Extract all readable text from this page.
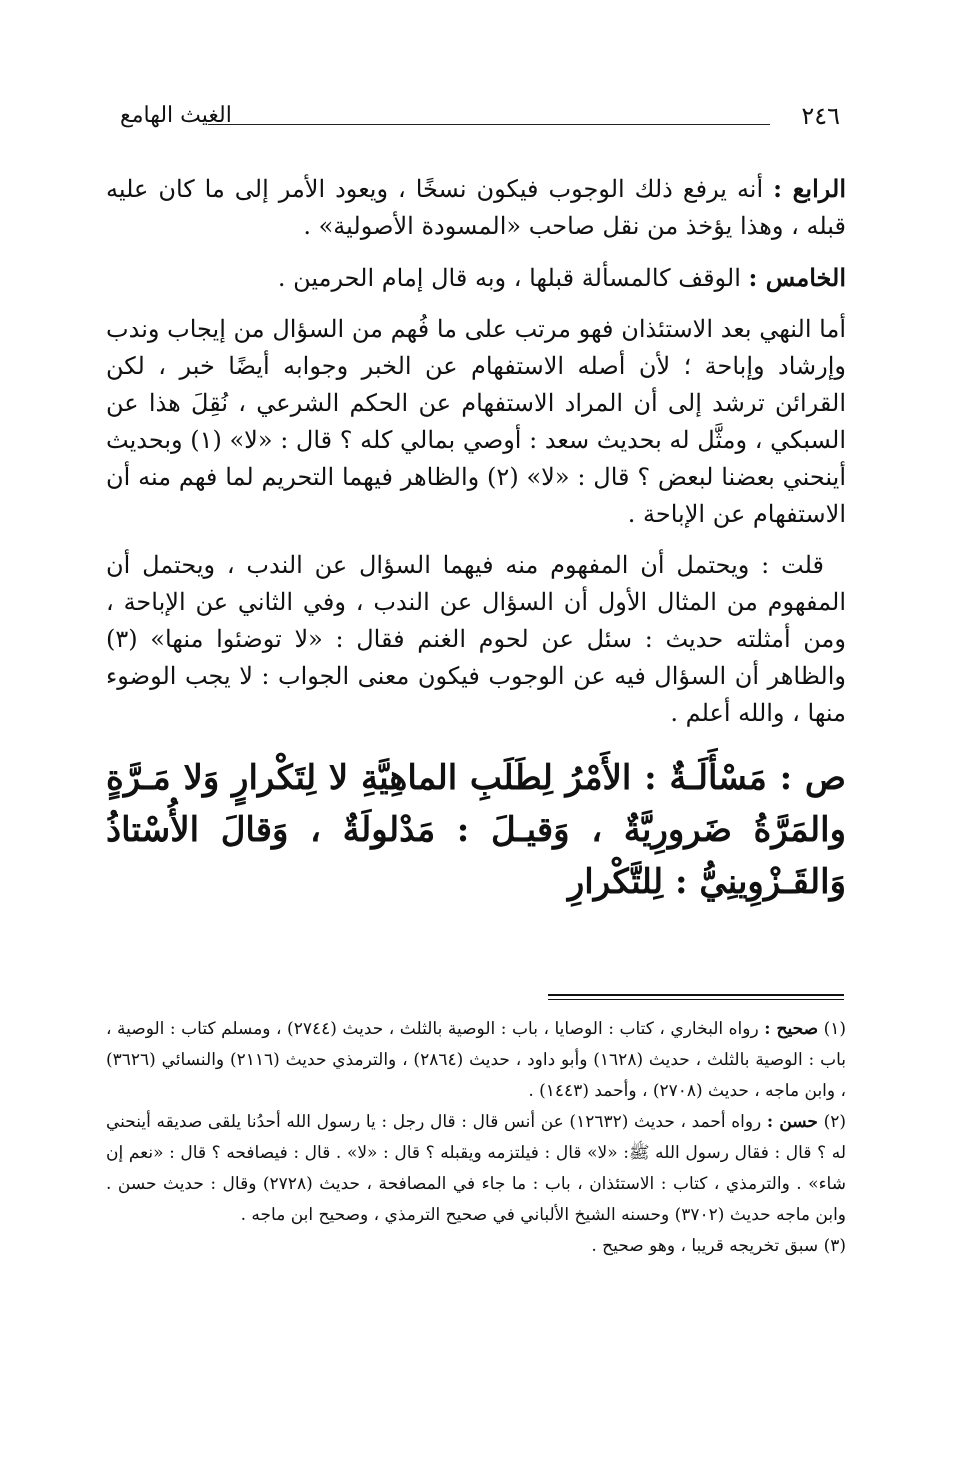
٢٤٦
الغيث الهامع

الرابع : أنه يرفع ذلك الوجوب فيكون نسخًا ، ويعود الأمر إلى ما كان عليه قبله ، وهذا يؤخذ من نقل صاحب «المسودة الأصولية» .

الخامس : الوقف كالمسألة قبلها ، وبه قال إمام الحرمين .

أما النهي بعد الاستئذان فهو مرتب على ما فُهم من السؤال من إيجاب وندب وإرشاد وإباحة ؛ لأن أصله الاستفهام عن الخبر وجوابه أيضًا خبر ، لكن القرائن ترشد إلى أن المراد الاستفهام عن الحكم الشرعي ، نُقِلَ هذا عن السبكي ، ومثَّل له بحديث سعد : أوصي بمالي كله ؟ قال : «لا» (١) وبحديث أينحني بعضنا لبعض ؟ قال : «لا» (٢) والظاهر فيهما التحريم لما فهم منه أن الاستفهام عن الإباحة .

قلت : ويحتمل أن المفهوم منه فيهما السؤال عن الندب ، ويحتمل أن المفهوم من المثال الأول أن السؤال عن الندب ، وفي الثاني عن الإباحة ، ومن أمثلته حديث : سئل عن لحوم الغنم فقال : «لا توضئوا منها» (٣) والظاهر أن السؤال فيه عن الوجوب فيكون معنى الجواب : لا يجب الوضوء منها ، والله أعلم .

ص : مَسْأَلَـةٌ : الأَمْرُ لِطَلَبِ الماهِيَّةِ لا لِتَكْرارٍ وَلا مَـرَّةٍ والمَرَّةُ ضَرورِيَّةٌ ، وَقيـلَ : مَدْلولَةٌ ، وَقالَ الأُسْتاذُ وَالقَـزْوِينِيُّ : لِلتَّكْرارِ

(١) صحيح : رواه البخاري ، كتاب : الوصايا ، باب : الوصية بالثلث ، حديث (٢٧٤٤) ، ومسلم كتاب : الوصية ، باب : الوصية بالثلث ، حديث (١٦٢٨) وأبو داود ، حديث (٢٨٦٤) ، والترمذي حديث (٢١١٦) والنسائي (٣٦٢٦) ، وابن ماجه ، حديث (٢٧٠٨) ، وأحمد (١٤٤٣) .

(٢) حسن : رواه أحمد ، حديث (١٢٦٣٢) عن أنس قال : قال رجل : يا رسول الله أحدُنا يلقى صديقه أينحني له ؟ قال : فقال رسول الله ﷺ: «لا» قال : فيلتزمه ويقبله ؟ قال : «لا» . قال : فيصافحه ؟ قال : «نعم إن شاء» . والترمذي ، كتاب : الاستئذان ، باب : ما جاء في المصافحة ، حديث (٢٧٢٨) وقال : حديث حسن . وابن ماجه حديث (٣٧٠٢) وحسنه الشيخ الألباني في صحيح الترمذي ، وصحيح ابن ماجه .

(٣) سبق تخريجه قريبا ، وهو صحيح .
